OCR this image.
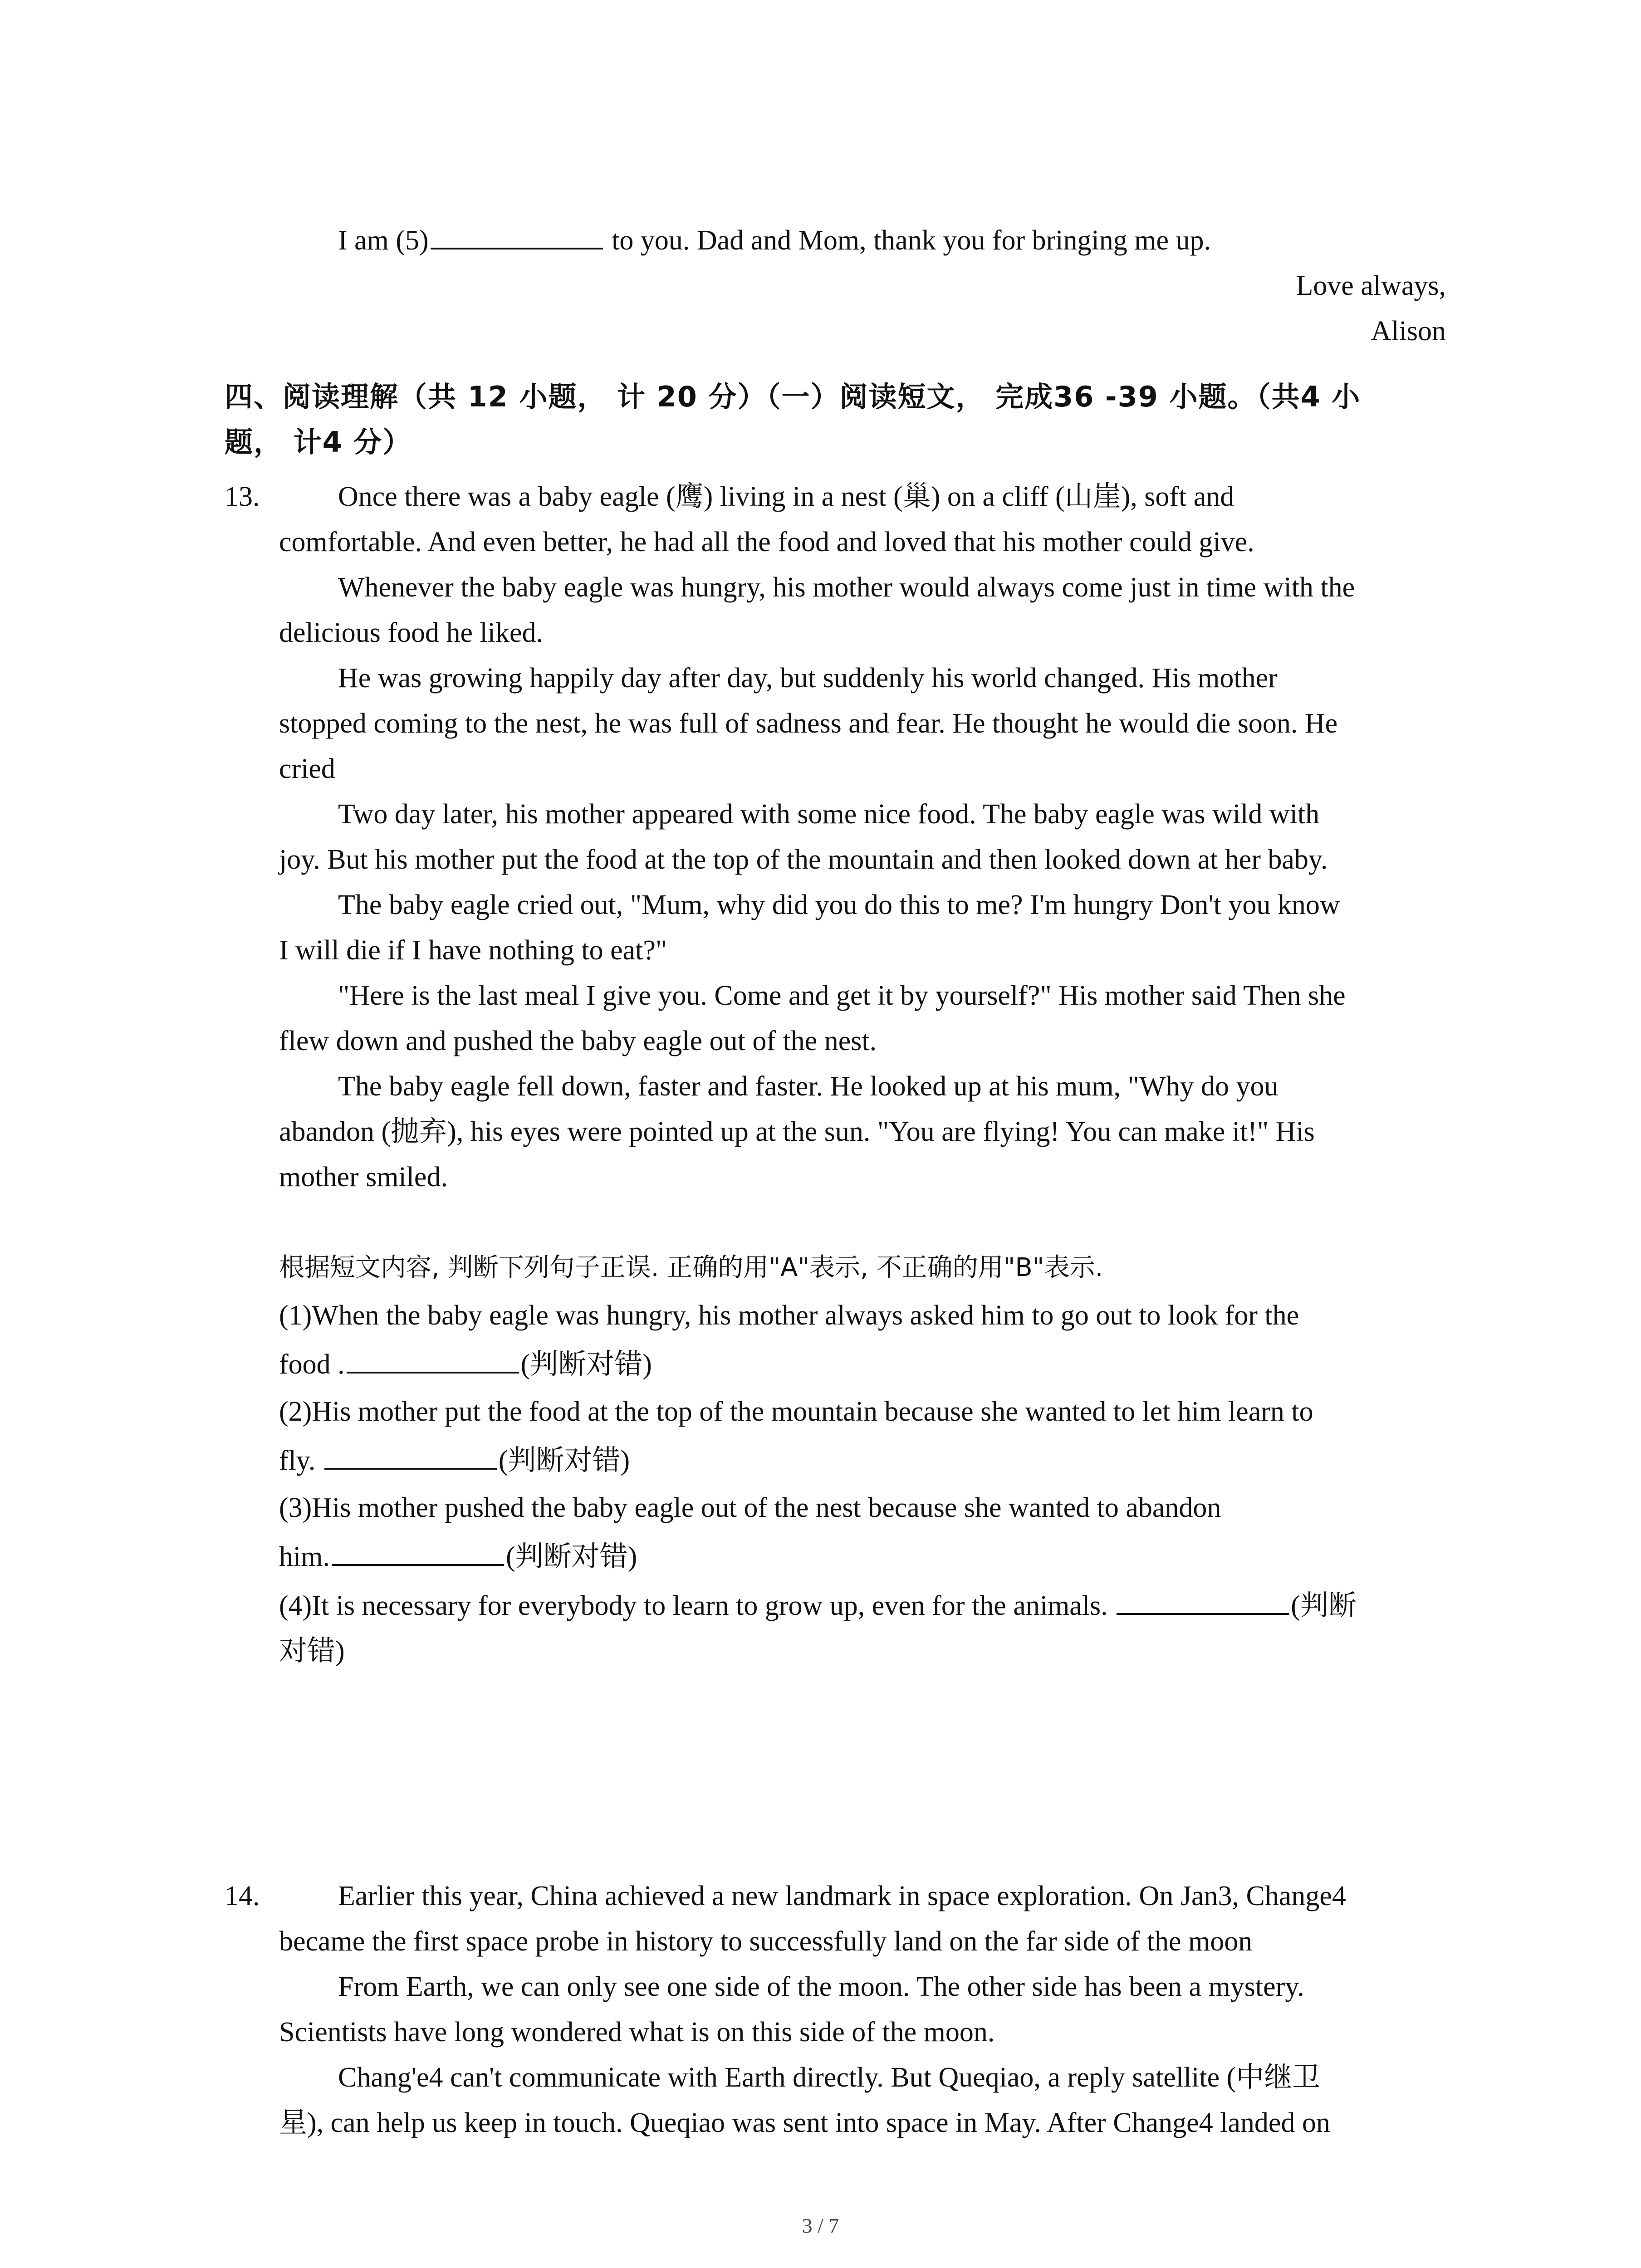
I am (5)	to you. Dad and Mom, thank you for bringing me up.
Love always,
Alison
四、阅读理解（共 12 小题， 计 20 分）（一）阅读短文， 完成36 -39 小题。（共4 小
题， 计4 分）
13.	Once there was a baby eagle (鹰) living in a nest (巢) on a cliff (山崖), soft and
comfortable. And even better, he had all the food and loved that his mother could give.
Whenever the baby eagle was hungry, his mother would always come just in time with the
delicious food he liked.
He was growing happily day after day, but suddenly his world changed. His mother
stopped coming to the nest, he was full of sadness and fear. He thought he would die soon. He
cried
Two day later, his mother appeared with some nice food. The baby eagle was wild with
joy. But his mother put the food at the top of the mountain and then looked down at her baby.
The baby eagle cried out, "Mum, why did you do this to me? I'm hungry Don't you know
I will die if I have nothing to eat?"
"Here is the last meal I give you. Come and get it by yourself?" His mother said Then she
flew down and pushed the baby eagle out of the nest.
The baby eagle fell down, faster and faster. He looked up at his mum, "Why do you
abandon (抛弃), his eyes were pointed up at the sun. "You are flying! You can make it!" His
mother smiled.
根据短文内容, 判断下列句子正误. 正确的用"A"表示, 不正确的用"B"表示.
(1)When the baby eagle was hungry, his mother always asked him to go out to look for the
food .	(判断对错)
(2)His mother put the food at the top of the mountain because she wanted to let him learn to
fly.	(判断对错)
(3)His mother pushed the baby eagle out of the nest because she wanted to abandon
him.	(判断对错)
(4)It is necessary for everybody to learn to grow up, even for the animals.	(判断
对错)
14.	Earlier this year, China achieved a new landmark in space exploration. On Jan3, Change4
became the first space probe in history to successfully land on the far side of the moon
From Earth, we can only see one side of the moon. The other side has been a mystery.
Scientists have long wondered what is on this side of the moon.
Chang'e4 can't communicate with Earth directly. But Queqiao, a reply satellite (中继卫
星), can help us keep in touch. Queqiao was sent into space in May. After Change4 landed on
3 / 7
